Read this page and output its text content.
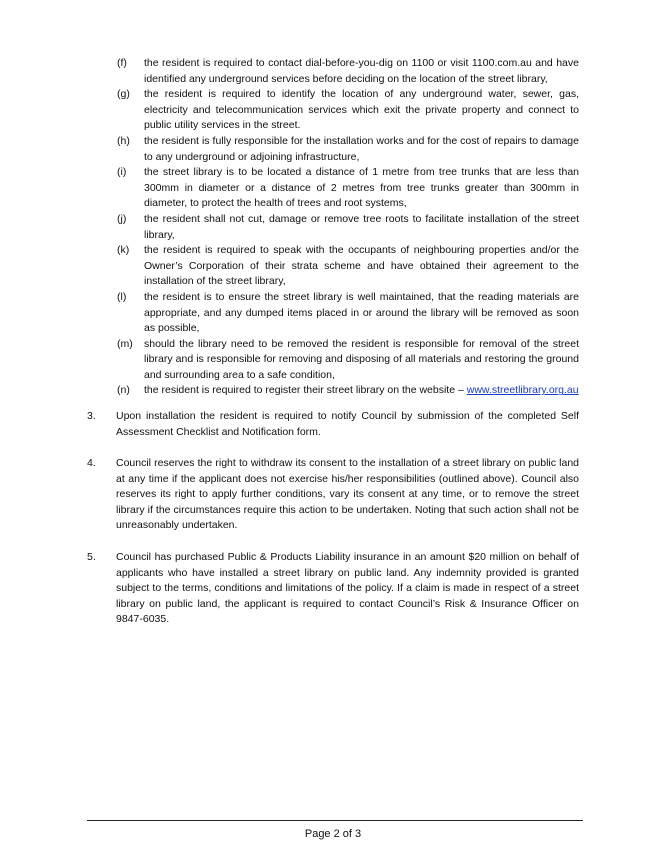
(f)	the resident is required to contact dial-before-you-dig on 1100 or visit 1100.com.au and have identified any underground services before deciding on the location of the street library,
(g)	the resident is required to identify the location of any underground water, sewer, gas, electricity and telecommunication services which exit the private property and connect to public utility services in the street.
(h)	the resident is fully responsible for the installation works and for the cost of repairs to damage to any underground or adjoining infrastructure,
(i)	the street library is to be located a distance of 1 metre from tree trunks that are less than 300mm in diameter or a distance of 2 metres from tree trunks greater than 300mm in diameter, to protect the health of trees and root systems,
(j)	the resident shall not cut, damage or remove tree roots to facilitate installation of the street library,
(k)	the resident is required to speak with the occupants of neighbouring properties and/or the Owner’s Corporation of their strata scheme and have obtained their agreement to the installation of the street library,
(l)	the resident is to ensure the street library is well maintained, that the reading materials are appropriate, and any dumped items placed in or around the library will be removed as soon as possible,
(m)	should the library need to be removed the resident is responsible for removal of the street library and is responsible for removing and disposing of all materials and restoring the ground and surrounding area to a safe condition,
(n)	the resident is required to register their street library on the website – www.streetlibrary.org.au
3. Upon installation the resident is required to notify Council by submission of the completed Self Assessment Checklist and Notification form.
4. Council reserves the right to withdraw its consent to the installation of a street library on public land at any time if the applicant does not exercise his/her responsibilities (outlined above). Council also reserves its right to apply further conditions, vary its consent at any time, or to remove the street library if the circumstances require this action to be undertaken. Noting that such action shall not be unreasonably undertaken.
5. Council has purchased Public & Products Liability insurance in an amount $20 million on behalf of applicants who have installed a street library on public land. Any indemnity provided is granted subject to the terms, conditions and limitations of the policy. If a claim is made in respect of a street library on public land, the applicant is required to contact Council’s Risk & Insurance Officer on 9847-6035.
Page 2 of 3
